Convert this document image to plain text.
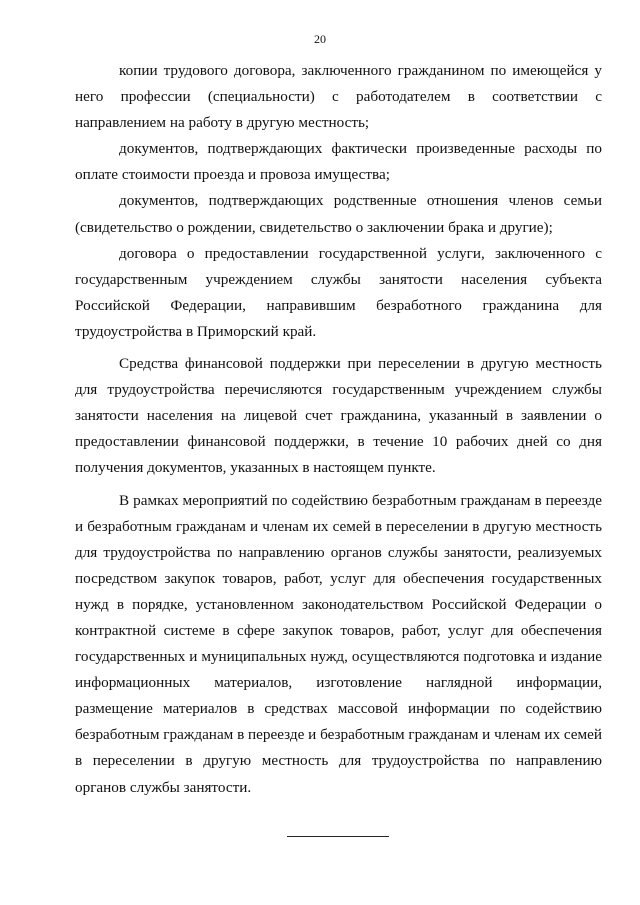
20

копии трудового договора, заключенного гражданином по имеющейся у него профессии (специальности) с работодателем в соответствии с направлением на работу в другую местность;

документов, подтверждающих фактически произведенные расходы по оплате стоимости проезда и провоза имущества;

документов, подтверждающих родственные отношения членов семьи (свидетельство о рождении, свидетельство о заключении брака и другие);

договора о предоставлении государственной услуги, заключенного с государственным учреждением службы занятости населения субъекта Российской Федерации, направившим безработного гражданина для трудоустройства в Приморский край.

Средства финансовой поддержки при переселении в другую местность для трудоустройства перечисляются государственным учреждением службы занятости населения на лицевой счет гражданина, указанный в заявлении о предоставлении финансовой поддержки, в течение 10 рабочих дней со дня получения документов, указанных в настоящем пункте.

В рамках мероприятий по содействию безработным гражданам в переезде и безработным гражданам и членам их семей в переселении в другую местность для трудоустройства по направлению органов службы занятости, реализуемых посредством закупок товаров, работ, услуг для обеспечения государственных нужд в порядке, установленном законодательством Российской Федерации о контрактной системе в сфере закупок товаров, работ, услуг для обеспечения государственных и муниципальных нужд, осуществляются подготовка и издание информационных материалов, изготовление наглядной информации, размещение материалов в средствах массовой информации по содействию безработным гражданам в переезде и безработным гражданам и членам их семей в переселении в другую местность для трудоустройства по направлению органов службы занятости.
